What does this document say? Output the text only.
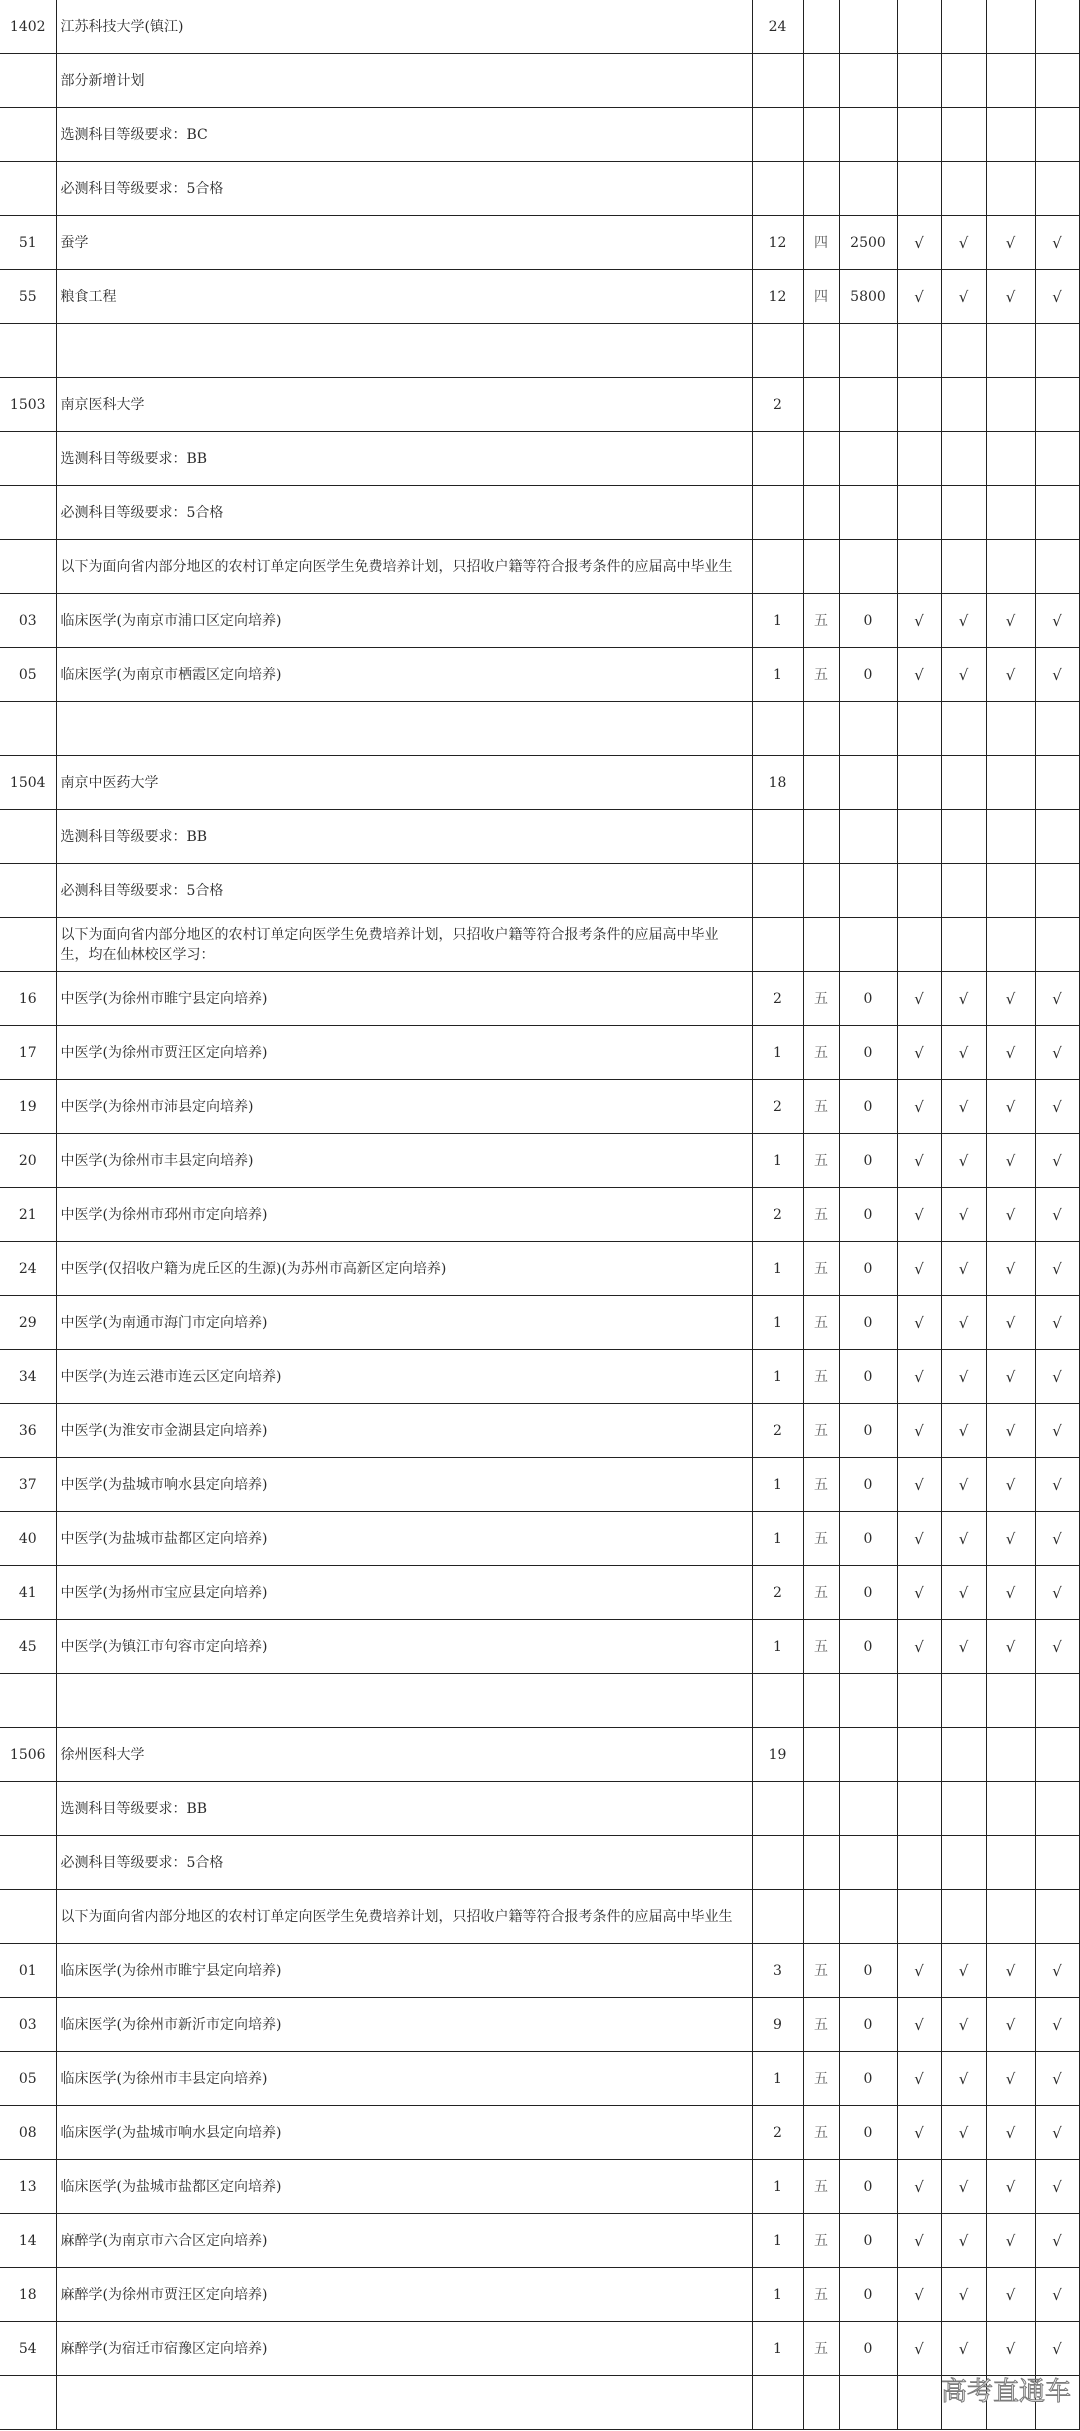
1402	江苏科技大学(镇江)	24						
	部分新增计划							
	选测科目等级要求：BC							
	必测科目等级要求：5合格							
51	蚕学	12	四	2500	√	√	√	√
55	粮食工程	12	四	5800	√	√	√	√

1503	南京医科大学	2						
	选测科目等级要求：BB							
	必测科目等级要求：5合格							
	以下为面向省内部分地区的农村订单定向医学生免费培养计划，只招收户籍等符合报考条件的应届高中毕业生							
03	临床医学(为南京市浦口区定向培养)	1	五	0	√	√	√	√
05	临床医学(为南京市栖霞区定向培养)	1	五	0	√	√	√	√

1504	南京中医药大学	18						
	选测科目等级要求：BB							
	必测科目等级要求：5合格							
	以下为面向省内部分地区的农村订单定向医学生免费培养计划，只招收户籍等符合报考条件的应届高中毕业生，均在仙林校区学习：							
16	中医学(为徐州市睢宁县定向培养)	2	五	0	√	√	√	√
17	中医学(为徐州市贾汪区定向培养)	1	五	0	√	√	√	√
19	中医学(为徐州市沛县定向培养)	2	五	0	√	√	√	√
20	中医学(为徐州市丰县定向培养)	1	五	0	√	√	√	√
21	中医学(为徐州市邳州市定向培养)	2	五	0	√	√	√	√
24	中医学(仅招收户籍为虎丘区的生源)(为苏州市高新区定向培养)	1	五	0	√	√	√	√
29	中医学(为南通市海门市定向培养)	1	五	0	√	√	√	√
34	中医学(为连云港市连云区定向培养)	1	五	0	√	√	√	√
36	中医学(为淮安市金湖县定向培养)	2	五	0	√	√	√	√
37	中医学(为盐城市响水县定向培养)	1	五	0	√	√	√	√
40	中医学(为盐城市盐都区定向培养)	1	五	0	√	√	√	√
41	中医学(为扬州市宝应县定向培养)	2	五	0	√	√	√	√
45	中医学(为镇江市句容市定向培养)	1	五	0	√	√	√	√

1506	徐州医科大学	19						
	选测科目等级要求：BB							
	必测科目等级要求：5合格							
	以下为面向省内部分地区的农村订单定向医学生免费培养计划，只招收户籍等符合报考条件的应届高中毕业生							
01	临床医学(为徐州市睢宁县定向培养)	3	五	0	√	√	√	√
03	临床医学(为徐州市新沂市定向培养)	9	五	0	√	√	√	√
05	临床医学(为徐州市丰县定向培养)	1	五	0	√	√	√	√
08	临床医学(为盐城市响水县定向培养)	2	五	0	√	√	√	√
13	临床医学(为盐城市盐都区定向培养)	1	五	0	√	√	√	√
14	麻醉学(为南京市六合区定向培养)	1	五	0	√	√	√	√
18	麻醉学(为徐州市贾汪区定向培养)	1	五	0	√	√	√	√
54	麻醉学(为宿迁市宿豫区定向培养)	1	五	0	√	√	√	√

高考直通车
